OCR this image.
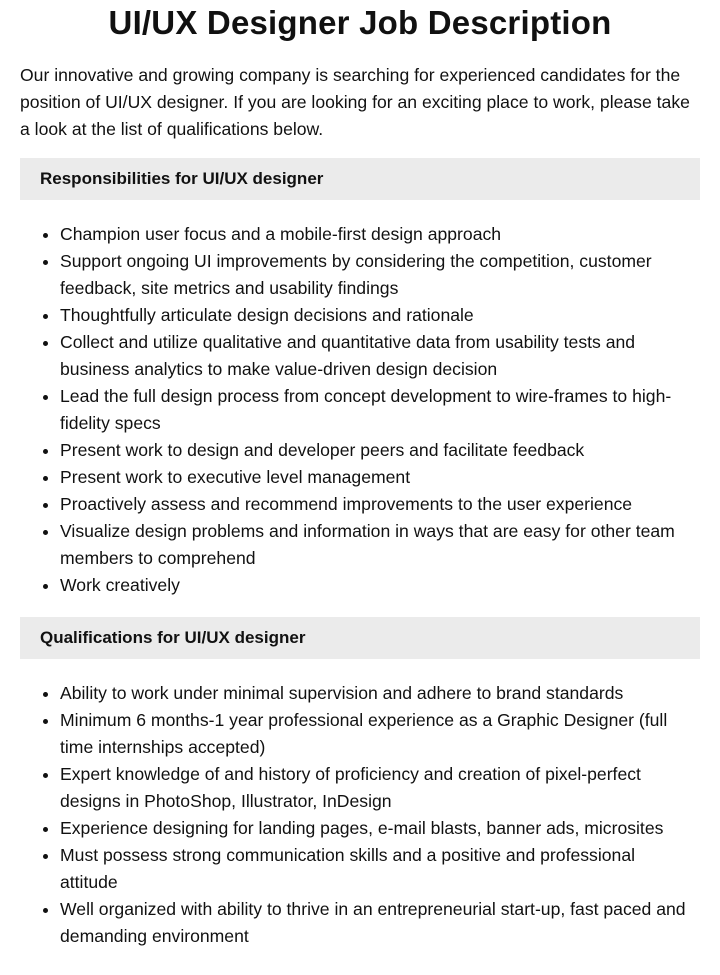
UI/UX Designer Job Description

Our innovative and growing company is searching for experienced candidates for the position of UI/UX designer. If you are looking for an exciting place to work, please take a look at the list of qualifications below.

Responsibilities for UI/UX designer
• Champion user focus and a mobile-first design approach
• Support ongoing UI improvements by considering the competition, customer feedback, site metrics and usability findings
• Thoughtfully articulate design decisions and rationale
• Collect and utilize qualitative and quantitative data from usability tests and business analytics to make value-driven design decision
• Lead the full design process from concept development to wire-frames to high-fidelity specs
• Present work to design and developer peers and facilitate feedback
• Present work to executive level management
• Proactively assess and recommend improvements to the user experience
• Visualize design problems and information in ways that are easy for other team members to comprehend
• Work creatively
Qualifications for UI/UX designer
• Ability to work under minimal supervision and adhere to brand standards
• Minimum 6 months-1 year professional experience as a Graphic Designer (full time internships accepted)
• Expert knowledge of and history of proficiency and creation of pixel-perfect designs in PhotoShop, Illustrator, InDesign
• Experience designing for landing pages, e-mail blasts, banner ads, microsites
• Must possess strong communication skills and a positive and professional attitude
• Well organized with ability to thrive in an entrepreneurial start-up, fast paced and demanding environment
